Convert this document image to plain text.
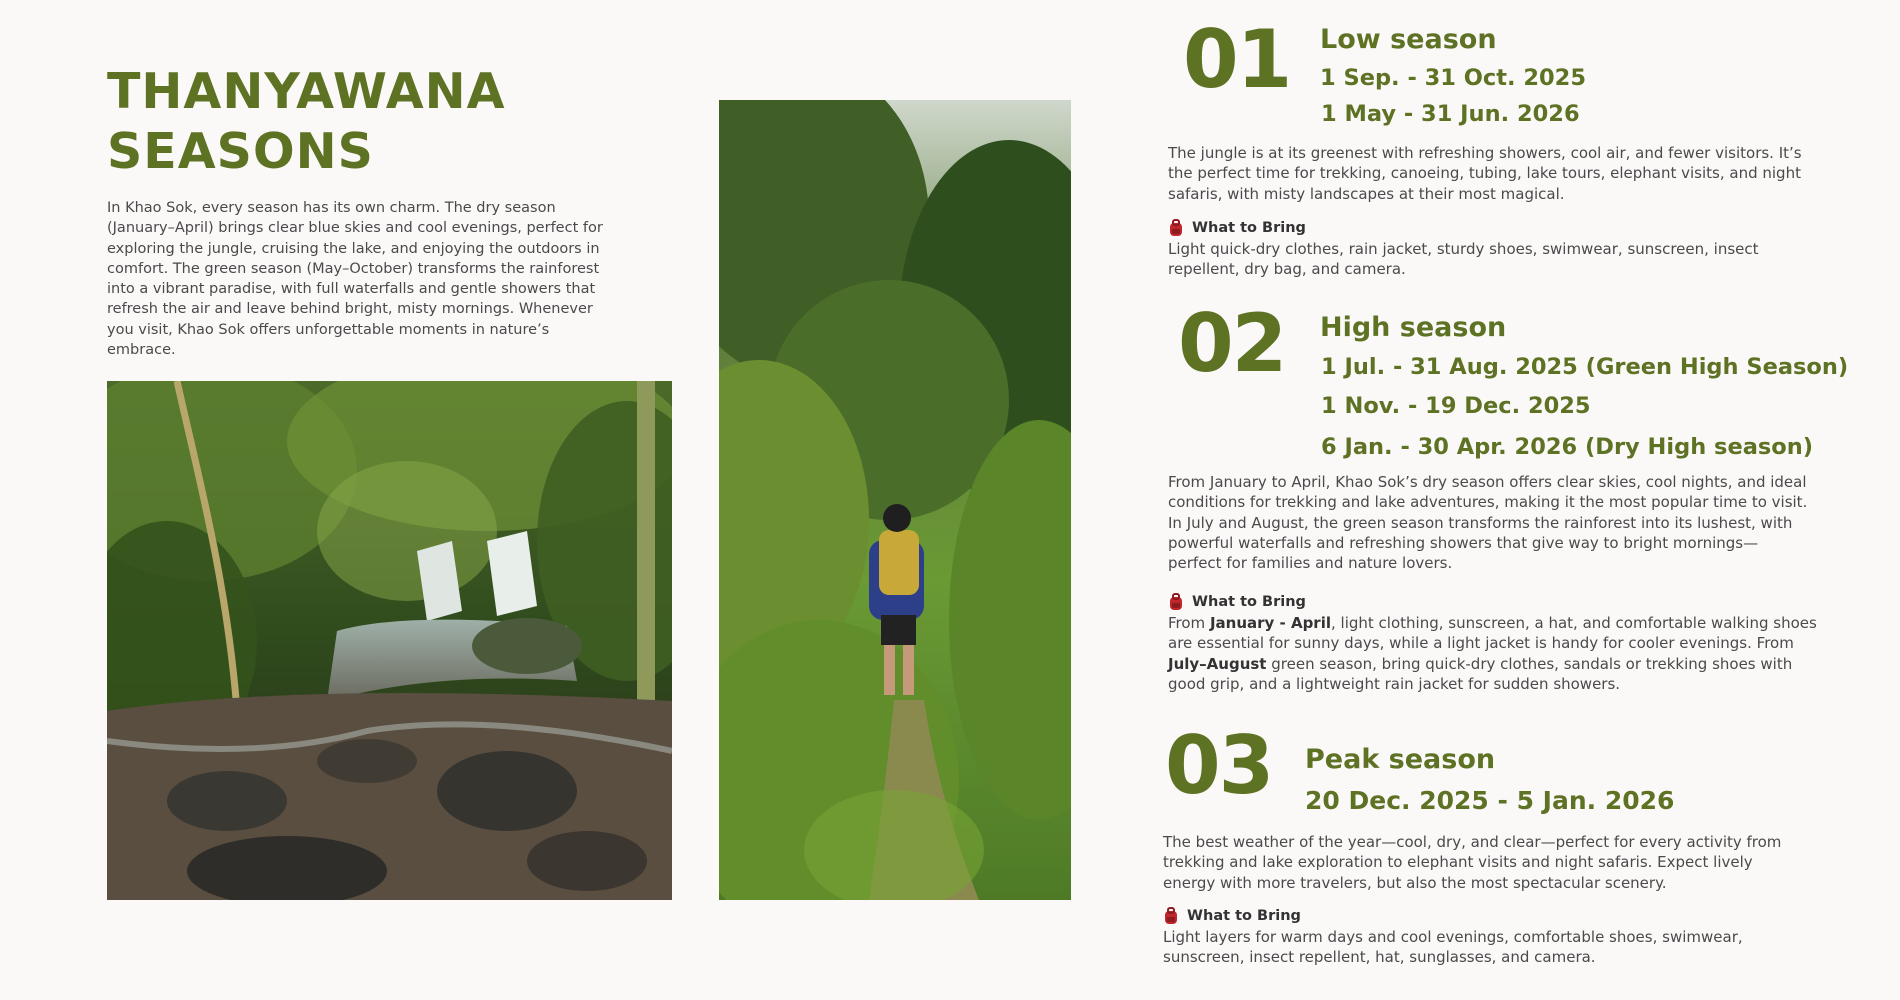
THANYAWANA
SEASONS

In Khao Sok, every season has its own charm. The dry season (January–April) brings clear blue skies and cool evenings, perfect for exploring the jungle, cruising the lake, and enjoying the outdoors in comfort. The green season (May–October) transforms the rainforest into a vibrant paradise, with full waterfalls and gentle showers that refresh the air and leave behind bright, misty mornings. Whenever you visit, Khao Sok offers unforgettable moments in nature’s embrace.

01 Low season
1 Sep. - 31 Oct. 2025
1 May - 31 Jun. 2026

The jungle is at its greenest with refreshing showers, cool air, and fewer visitors. It’s the perfect time for trekking, canoeing, tubing, lake tours, elephant visits, and night safaris, with misty landscapes at their most magical.

What to Bring

Light quick-dry clothes, rain jacket, sturdy shoes, swimwear, sunscreen, insect repellent, dry bag, and camera.

02 High season
1 Jul. - 31 Aug. 2025 (Green High Season)
1 Nov. - 19 Dec. 2025
6 Jan. - 30 Apr. 2026 (Dry High season)

From January to April, Khao Sok’s dry season offers clear skies, cool nights, and ideal conditions for trekking and lake adventures, making it the most popular time to visit. In July and August, the green season transforms the rainforest into its lushest, with powerful waterfalls and refreshing showers that give way to bright mornings—perfect for families and nature lovers.

What to Bring

From January - April, light clothing, sunscreen, a hat, and comfortable walking shoes are essential for sunny days, while a light jacket is handy for cooler evenings. From July–August green season, bring quick-dry clothes, sandals or trekking shoes with good grip, and a lightweight rain jacket for sudden showers.

03 Peak season
20 Dec. 2025 - 5 Jan. 2026

The best weather of the year—cool, dry, and clear—perfect for every activity from trekking and lake exploration to elephant visits and night safaris. Expect lively energy with more travelers, but also the most spectacular scenery.

What to Bring

Light layers for warm days and cool evenings, comfortable shoes, swimwear, sunscreen, insect repellent, hat, sunglasses, and camera.
